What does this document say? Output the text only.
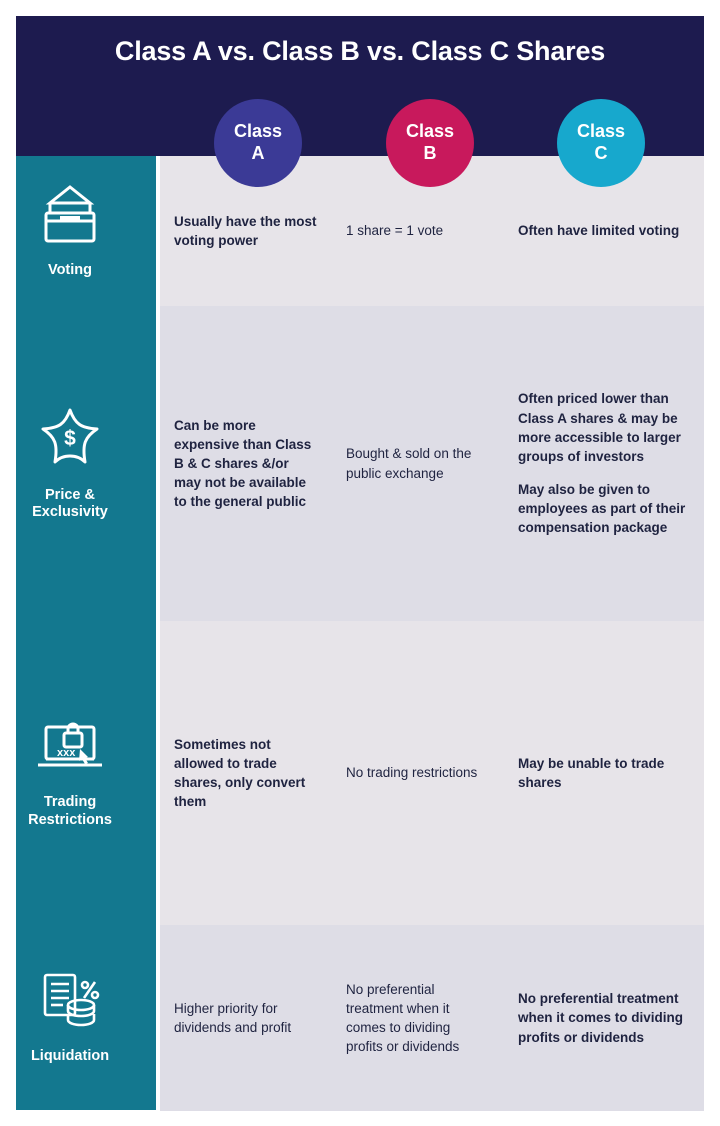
Class A vs. Class B vs. Class C Shares
Class
A
Class
B
Class
C
Voting
$
Price &
Exclusivity
xxx
Trading
Restrictions
Liquidation

Usually have the most voting power

1 share = 1 vote	Often have limited voting

Can be more expensive than Class B & C shares &/or may not be available to the general public

Bought & sold on the public exchange

Often priced lower than Class A shares & may be more accessible to larger groups of investors

May also be given to employees as part of their compensation package

Sometimes not allowed to trade shares, only convert them

No trading restrictions

May be unable to trade shares

Higher priority for dividends and profit

No preferential treatment when it comes to dividing profits or dividends

No preferential treatment when it comes to dividing profits or dividends
